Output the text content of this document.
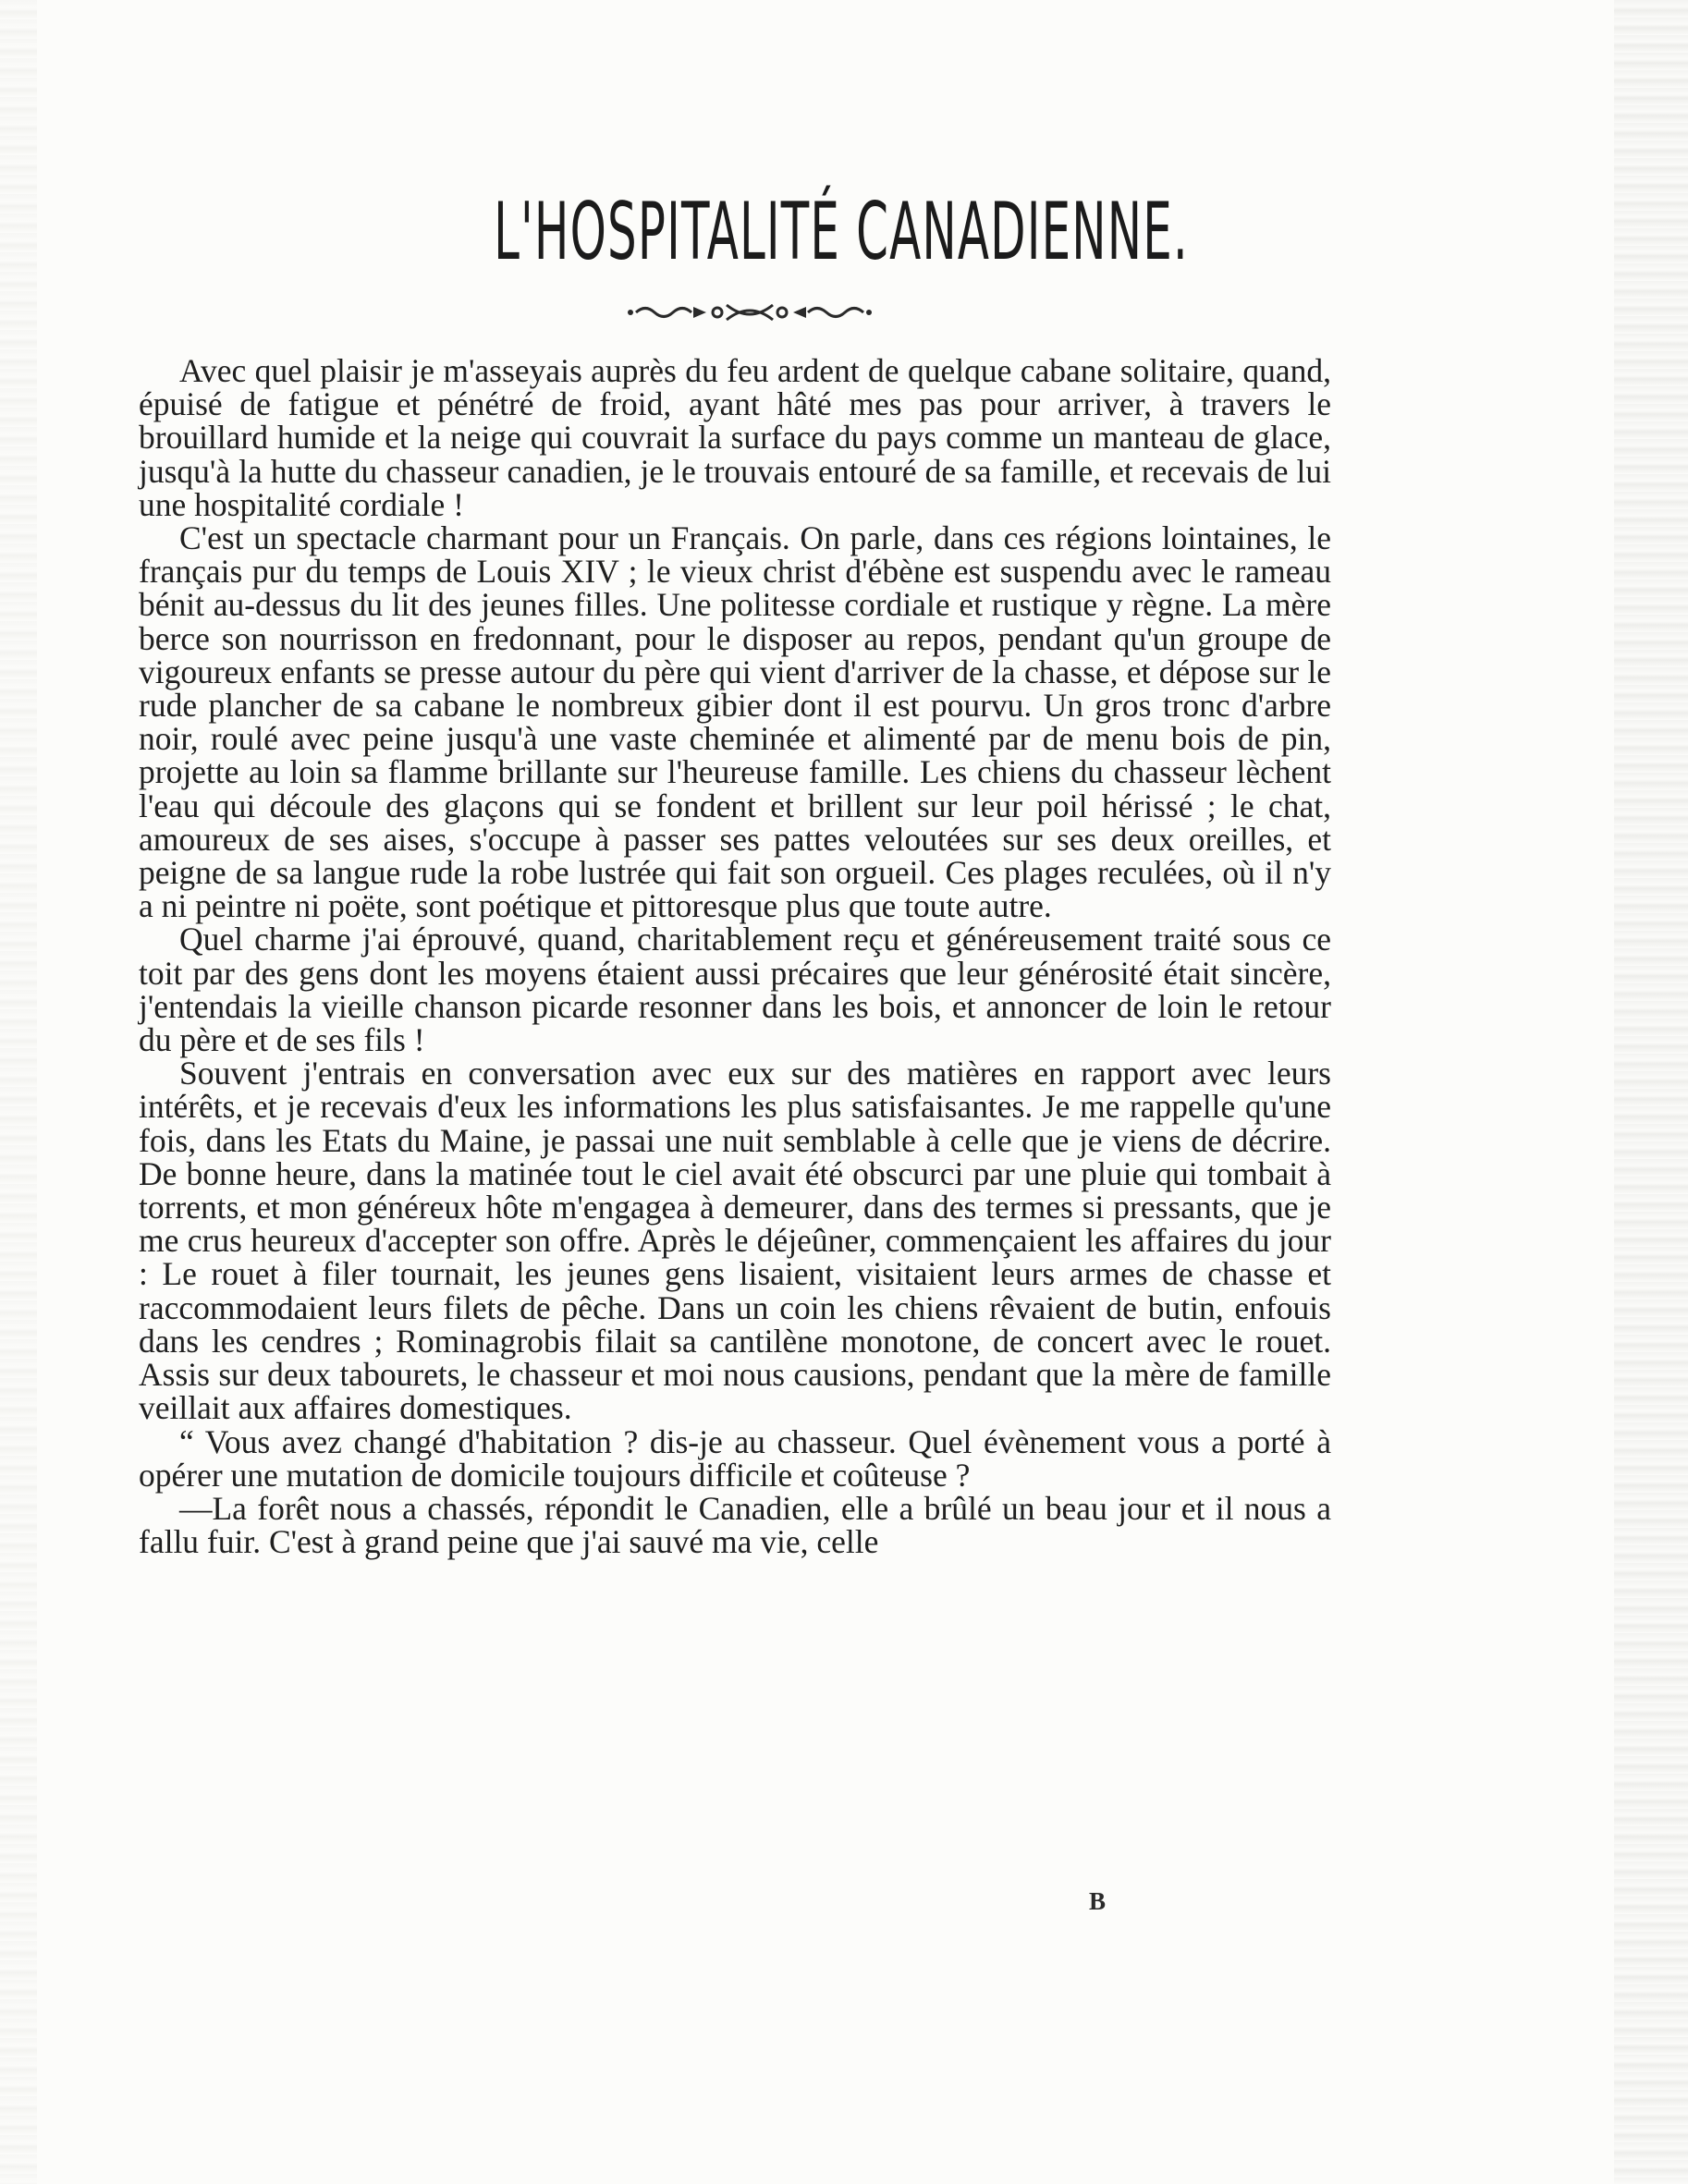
L'HOSPITALITÉ CANADIENNE.

Avec quel plaisir je m'asseyais auprès du feu ardent de quelque cabane solitaire, quand, épuisé de fatigue et pénétré de froid, ayant hâté mes pas pour arriver, à travers le brouillard humide et la neige qui couvrait la surface du pays comme un manteau de glace, jusqu'à la hutte du chasseur canadien, je le trouvais entouré de sa famille, et recevais de lui une hospitalité cordiale !

C'est un spectacle charmant pour un Français. On parle, dans ces régions lointaines, le français pur du temps de Louis XIV ; le vieux christ d'ébène est suspendu avec le rameau bénit au-dessus du lit des jeunes filles. Une politesse cordiale et rustique y règne. La mère berce son nourrisson en fredonnant, pour le disposer au repos, pendant qu'un groupe de vigoureux enfants se presse autour du père qui vient d'arriver de la chasse, et dépose sur le rude plancher de sa cabane le nombreux gibier dont il est pourvu. Un gros tronc d'arbre noir, roulé avec peine jusqu'à une vaste cheminée et alimenté par de menu bois de pin, projette au loin sa flamme brillante sur l'heureuse famille. Les chiens du chasseur lèchent l'eau qui découle des glaçons qui se fondent et brillent sur leur poil hérissé ; le chat, amoureux de ses aises, s'occupe à passer ses pattes veloutées sur ses deux oreilles, et peigne de sa langue rude la robe lustrée qui fait son orgueil. Ces plages reculées, où il n'y a ni peintre ni poëte, sont poétique et pittoresque plus que toute autre.

Quel charme j'ai éprouvé, quand, charitablement reçu et généreusement traité sous ce toit par des gens dont les moyens étaient aussi précaires que leur générosité était sincère, j'entendais la vieille chanson picarde resonner dans les bois, et annoncer de loin le retour du père et de ses fils !

Souvent j'entrais en conversation avec eux sur des matières en rapport avec leurs intérêts, et je recevais d'eux les informations les plus satisfaisantes. Je me rappelle qu'une fois, dans les Etats du Maine, je passai une nuit semblable à celle que je viens de décrire. De bonne heure, dans la matinée tout le ciel avait été obscurci par une pluie qui tombait à torrents, et mon généreux hôte m'engagea à demeurer, dans des termes si pressants, que je me crus heureux d'accepter son offre. Après le déjeûner, commençaient les affaires du jour : Le rouet à filer tournait, les jeunes gens lisaient, visitaient leurs armes de chasse et raccommodaient leurs filets de pêche. Dans un coin les chiens rêvaient de butin, enfouis dans les cendres ; Rominagrobis filait sa cantilène monotone, de concert avec le rouet. Assis sur deux tabourets, le chasseur et moi nous causions, pendant que la mère de famille veillait aux affaires domestiques.

“ Vous avez changé d'habitation ? dis-je au chasseur. Quel évènement vous a porté à opérer une mutation de domicile toujours difficile et coûteuse ?

—La forêt nous a chassés, répondit le Canadien, elle a brûlé un beau jour et il nous a fallu fuir. C'est à grand peine que j'ai sauvé ma vie, celle

B
